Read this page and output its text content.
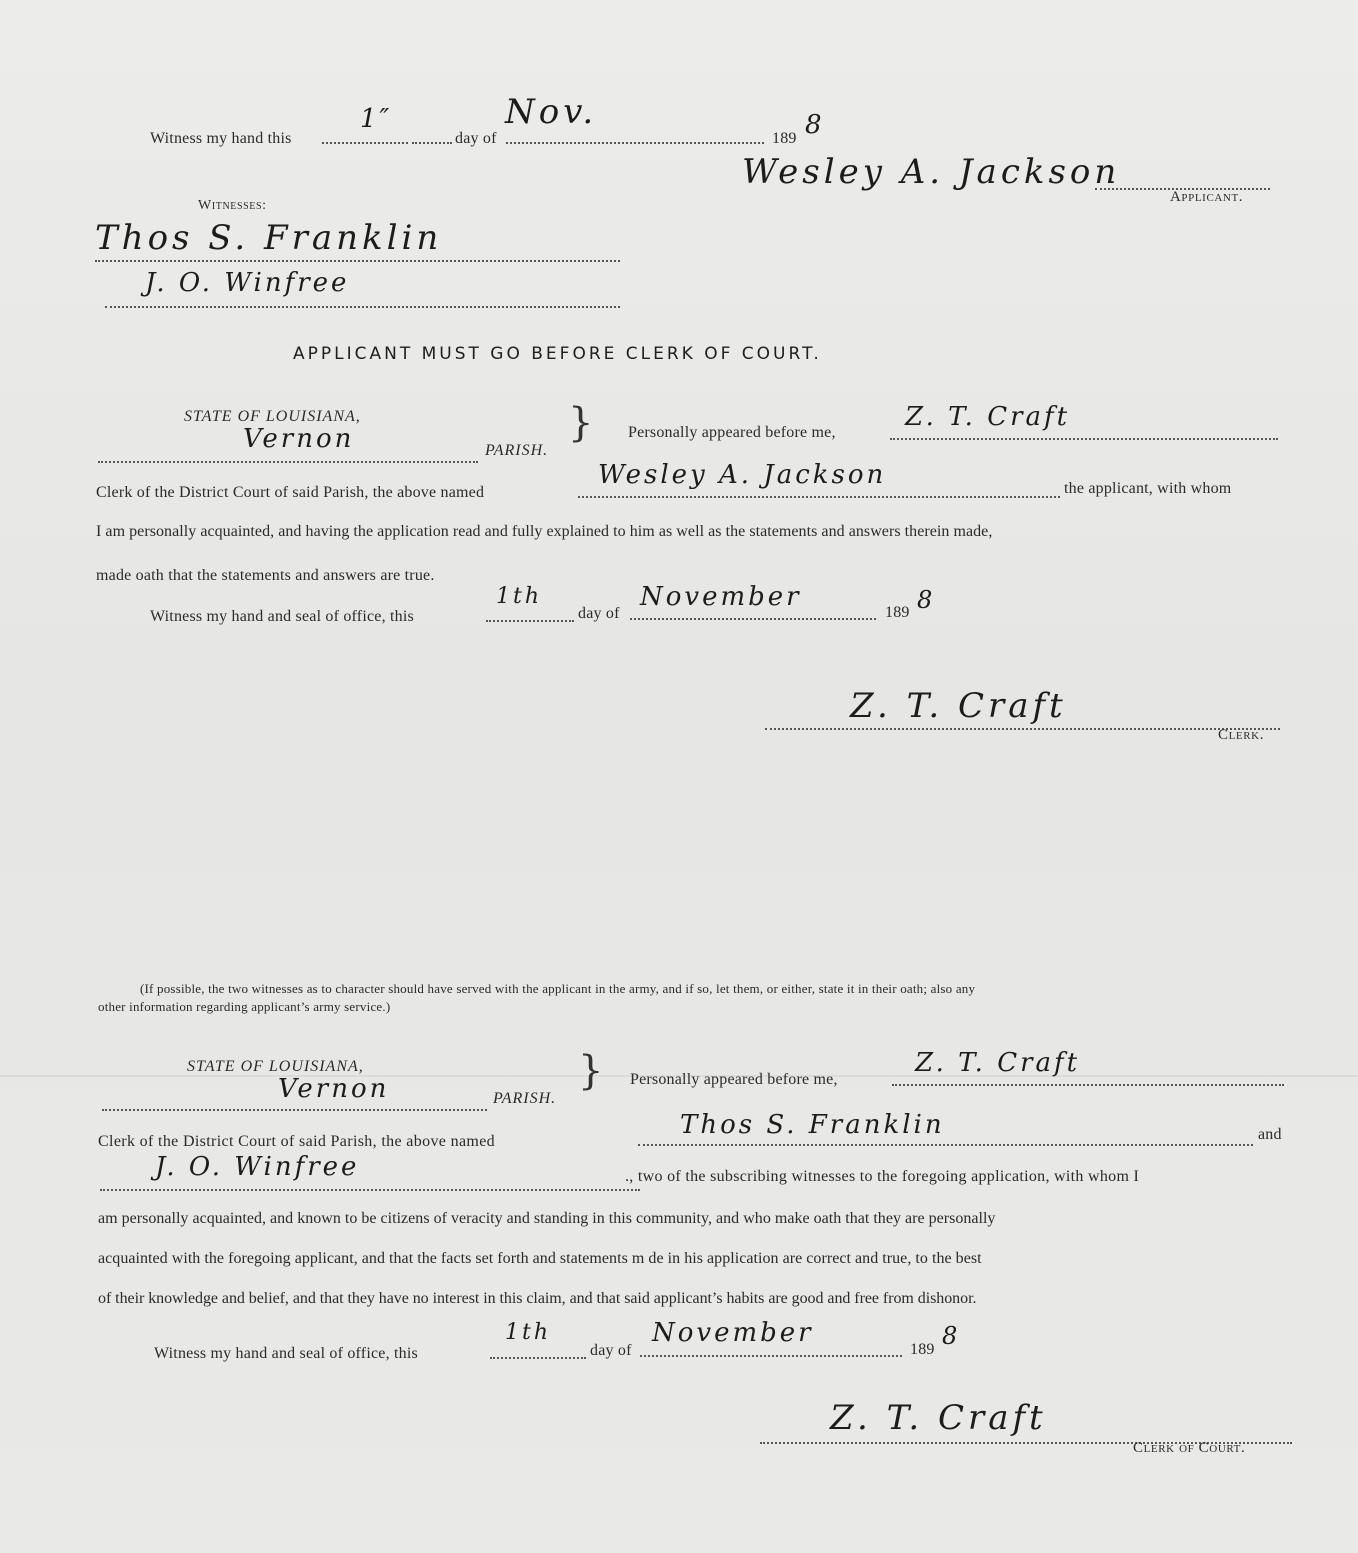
Witness my hand this
1″
day of
Nov.
189 8
Wesley A. Jackson
Applicant.
Witnesses:
Thos S. Franklin
J. O. Winfree
APPLICANT MUST GO BEFORE CLERK OF COURT.
STATE OF LOUISIANA,
Vernon	PARISH.
} Personally appeared before me,
Z. T. Craft
Clerk of the District Court of said Parish, the above named
Wesley A. Jackson	the applicant, with whom
I am personally acquainted, and having the application read and fully explained to him as well as the statements and answers therein made,
made oath that the statements and answers are true.
Witness my hand and seal of office, this
1th
day of
November
189 8
Z. T. Craft
Clerk.
(If possible, the two witnesses as to character should have served with the applicant in the army, and if so, let them, or either, state it in their oath; also any
other information regarding applicant’s army service.)
STATE OF LOUISIANA,
Vernon	PARISH.
} Personally appeared before me,
Z. T. Craft
Clerk of the District Court of said Parish, the above named
Thos S. Franklin	and
J. O. Winfree	., two of the subscribing witnesses to the foregoing application, with whom I
am personally acquainted, and known to be citizens of veracity and standing in this community, and who make oath that they are personally
acquainted with the foregoing applicant, and that the facts set forth and statements m de in his application are correct and true, to the best
of their knowledge and belief, and that they have no interest in this claim, and that said applicant’s habits are good and free from dishonor.
Witness my hand and seal of office, this
1th
day of
November
189 8
Z. T. Craft
Clerk of Court.
